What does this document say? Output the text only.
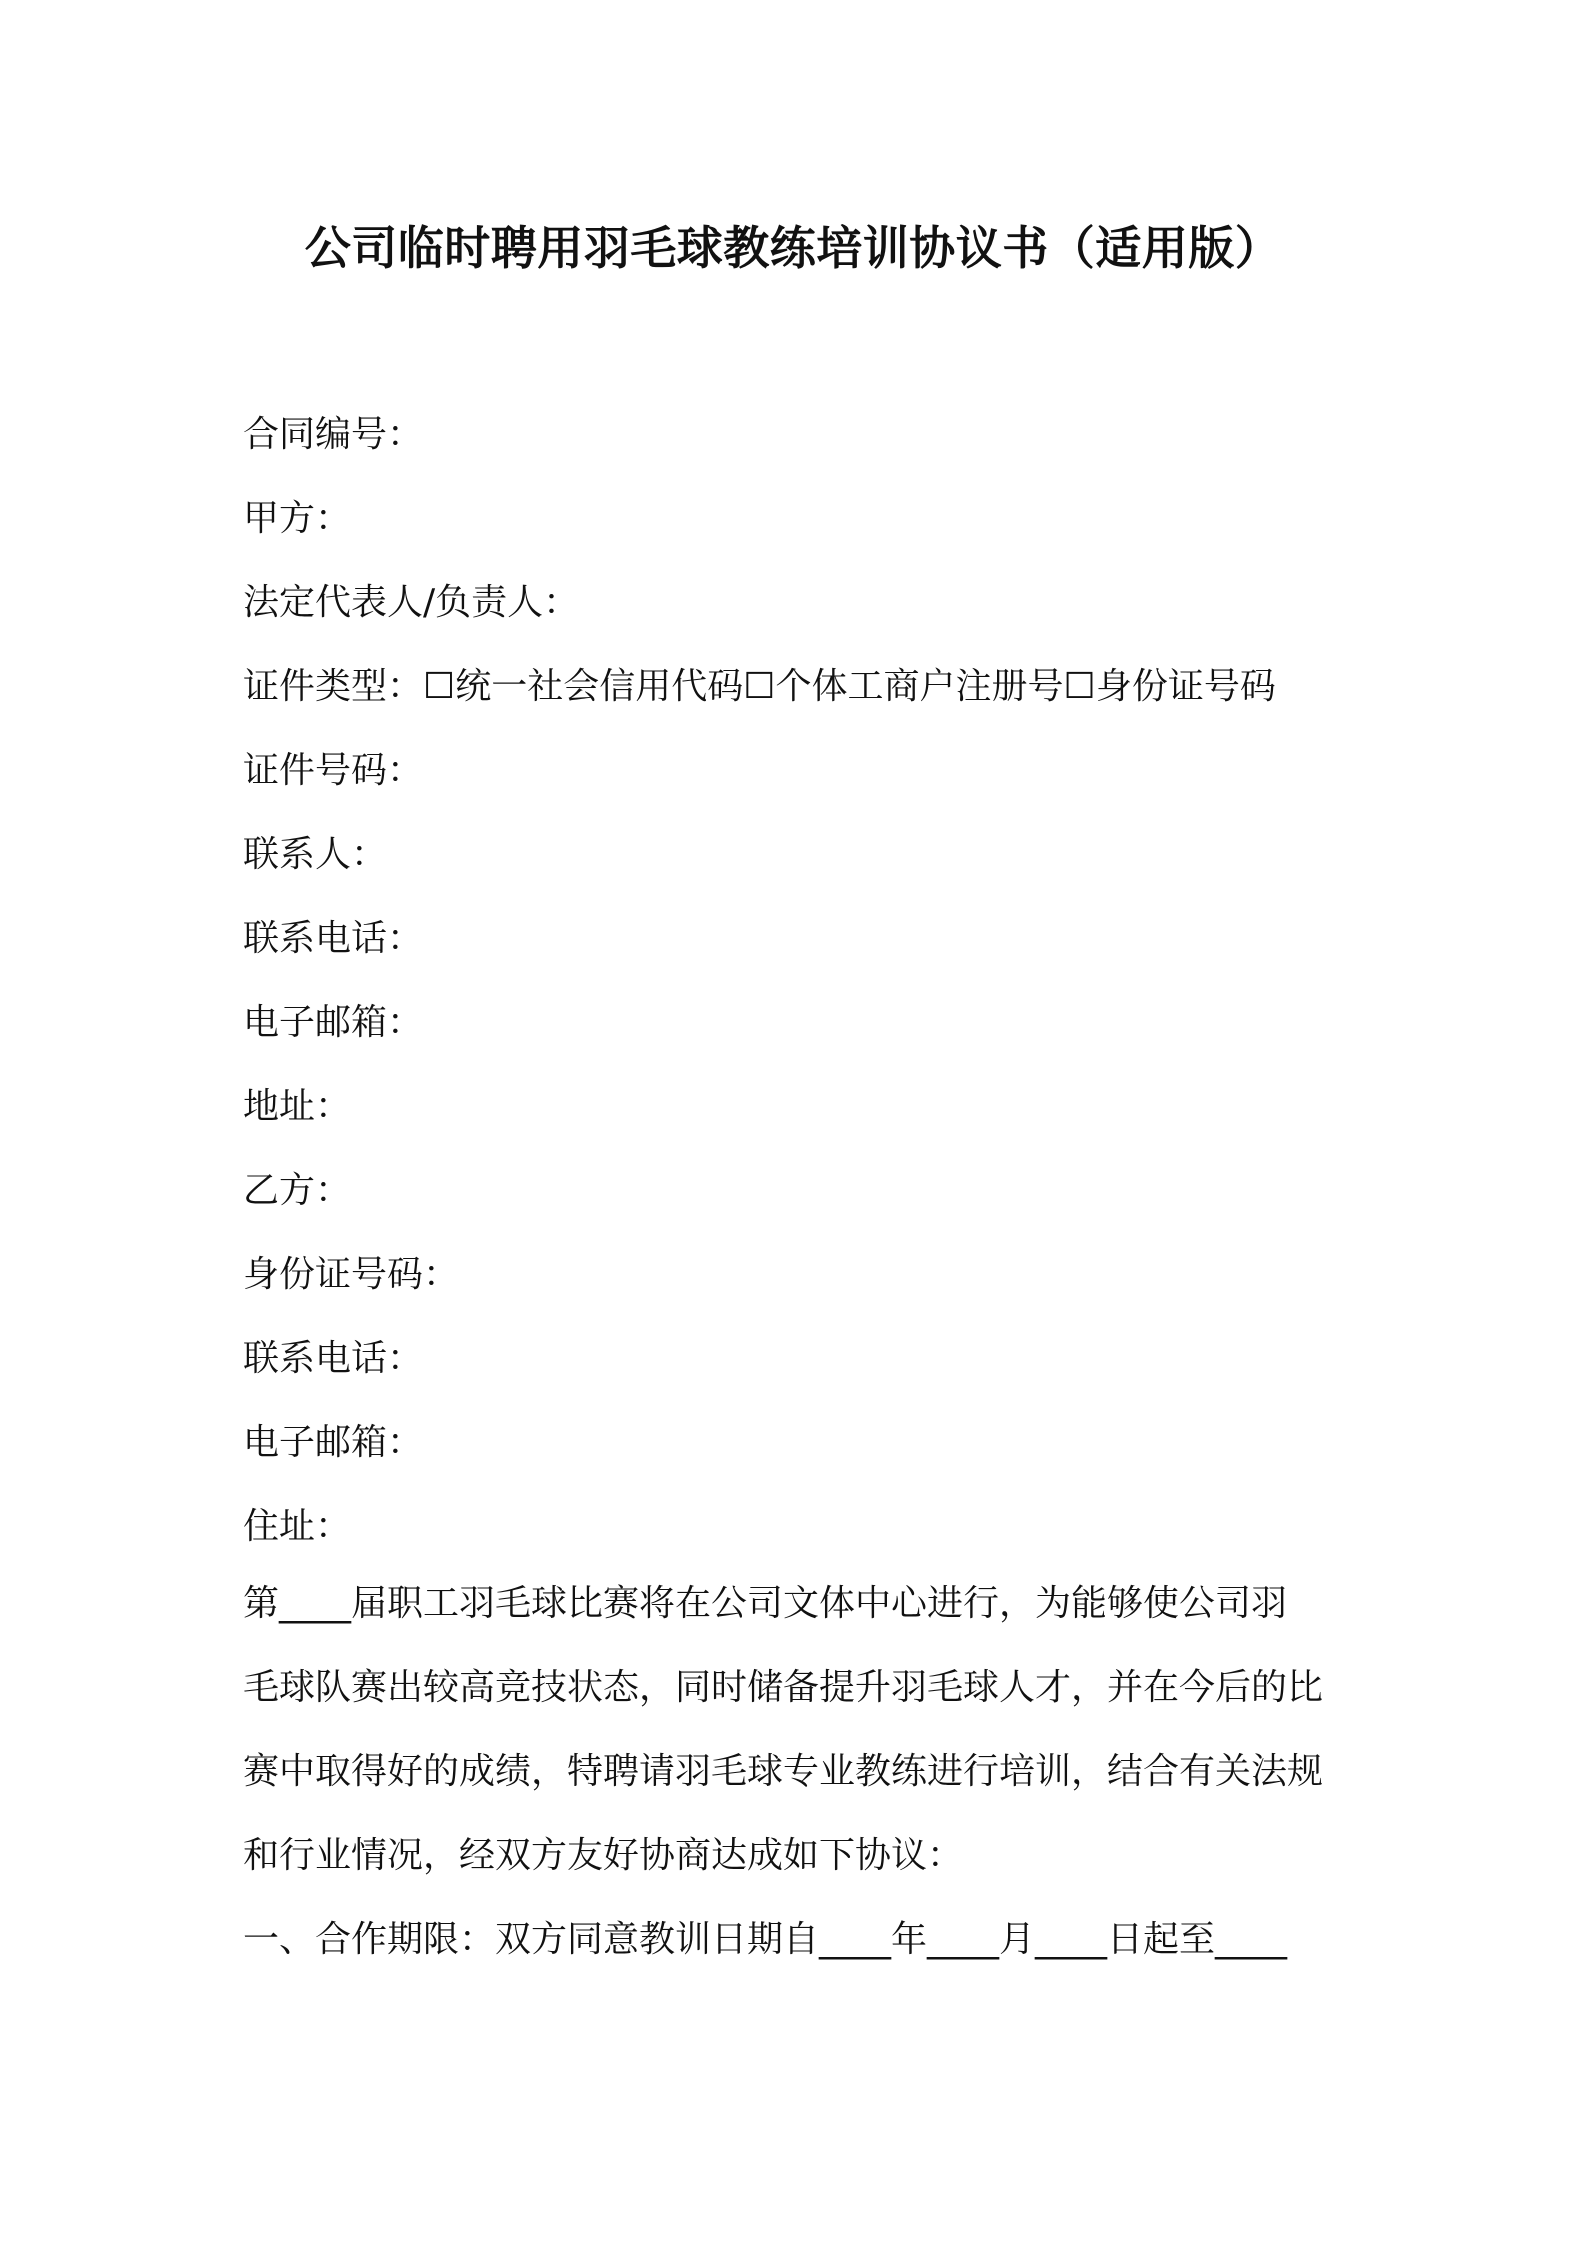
公司临时聘用羽毛球教练培训协议书（适用版）
合同编号：
甲方：
法定代表人/负责人：
证件类型：☐统一社会信用代码☐个体工商户注册号☐身份证号码
证件号码：
联系人：
联系电话：
电子邮箱：
地址：
乙方：
身份证号码：
联系电话：
电子邮箱：
住址：
第____届职工羽毛球比赛将在公司文体中心进行，为能够使公司羽
毛球队赛出较高竞技状态，同时储备提升羽毛球人才，并在今后的比
赛中取得好的成绩，特聘请羽毛球专业教练进行培训，结合有关法规
和行业情况，经双方友好协商达成如下协议：
一、合作期限：双方同意教训日期自____年____月____日起至____
